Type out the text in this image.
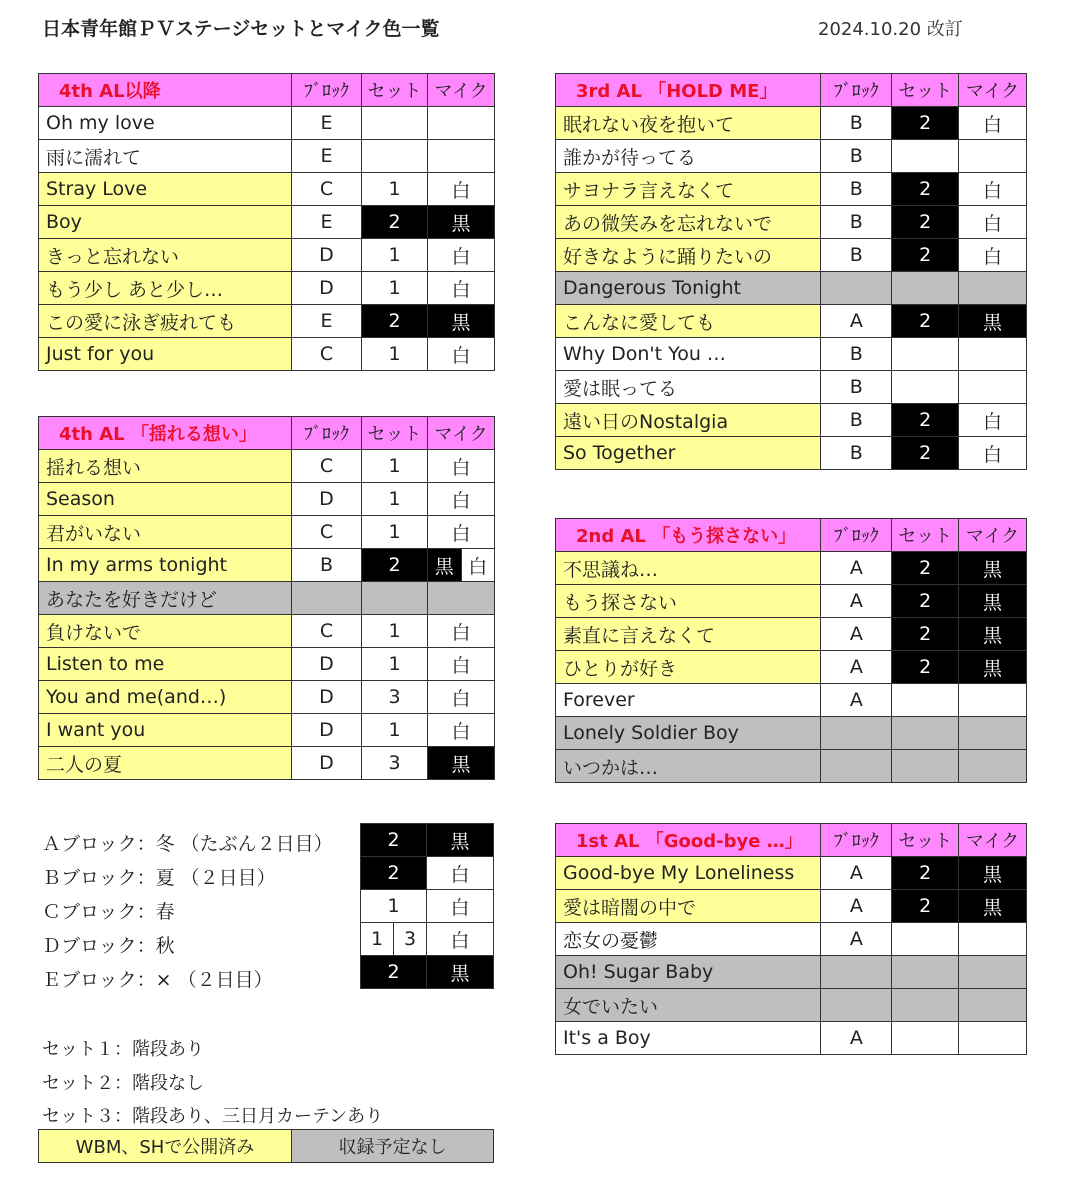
日本青年館ＰＶステージセットとマイク色一覧	2024.10.20 改訂
4th AL以降	ﾌﾞﾛｯｸ	セット	マイク
Oh my love	E		
雨に濡れて	E		
Stray Love	C	1	白
Boy	E	2	黒
きっと忘れない	D	1	白
もう少し あと少し…	D	1	白
この愛に泳ぎ疲れても	E	2	黒
Just for you	C	1	白
4th AL 「揺れる想い」	ﾌﾞﾛｯｸ	セット	マイク
揺れる想い	C	1	白
Season	D	1	白
君がいない	C	1	白
In my arms tonight	B	2	黒 白

あなたを好きだけど			
負けないで	C	1	白
Listen to me	D	1	白
You and me(and…)	D	3	白
I want you	D	1	白
二人の夏	D	3	黒
3rd AL 「HOLD ME」	ﾌﾞﾛｯｸ	セット	マイク
眠れない夜を抱いて	B	2	白
誰かが待ってる	B		
サヨナラ言えなくて	B	2	白
あの微笑みを忘れないで	B	2	白
好きなように踊りたいの	B	2	白
Dangerous Tonight			
こんなに愛しても	A	2	黒
Why Don't You …	B		
愛は眠ってる	B		
遠い日のNostalgia	B	2	白
So Together	B	2	白
2nd AL 「もう探さない」	ﾌﾞﾛｯｸ	セット	マイク
不思議ね…	A	2	黒
もう探さない	A	2	黒
素直に言えなくて	A	2	黒
ひとりが好き	A	2	黒
Forever	A		
Lonely Soldier Boy			
いつかは…			
1st AL 「Good-bye …」	ﾌﾞﾛｯｸ	セット	マイク
Good-bye My Loneliness	A	2	黒
愛は暗闇の中で	A	2	黒
恋女の憂鬱	A		
Oh! Sugar Baby			
女でいたい			
It's a Boy	A		
Ａブロック：冬 （たぶん２日目）
Ｂブロック：夏 （２日目）
Ｃブロック：春
Ｄブロック：秋
Ｅブロック：× （２日目）
2	黒
2	白
1	白

1 3	白
2	黒
セット１：階段あり
セット２：階段なし
セット３：階段あり、三日月カーテンあり
WBM、SHで公開済み	収録予定なし
